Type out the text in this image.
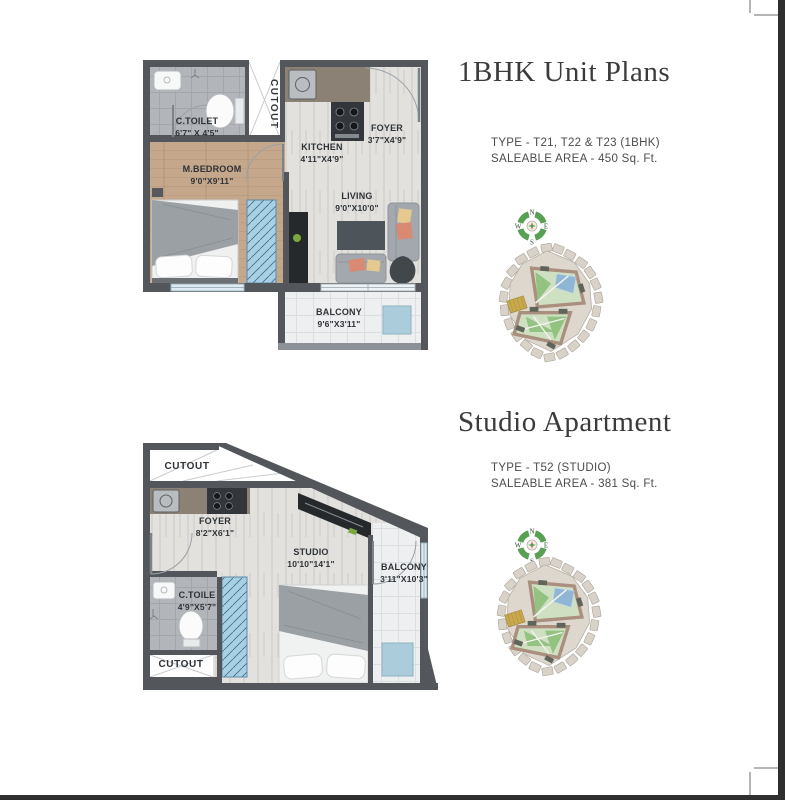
1BHK Unit Plans
TYPE - T21, T22 & T23 (1BHK)
SALEABLE AREA - 450 Sq. Ft.
C.TOILET
6'7" X 4'5"
CUTOUT	FOYER
3'7"X4'9"
KITCHEN
4'11"X4'9"
M.BEDROOM
9'0"X9'11"
LIVING
9'0"X10'0"
BALCONY
9'6"X3'11"
Studio Apartment
TYPE - T52 (STUDIO)
SALEABLE AREA - 381 Sq. Ft.
CUTOUT
FOYER
8'2"X6'1"
STUDIO
10'10"14'1"
C.TOILE
4'9"X5'7"
CUTOUT
BALCONY
3'11"X10'3"
